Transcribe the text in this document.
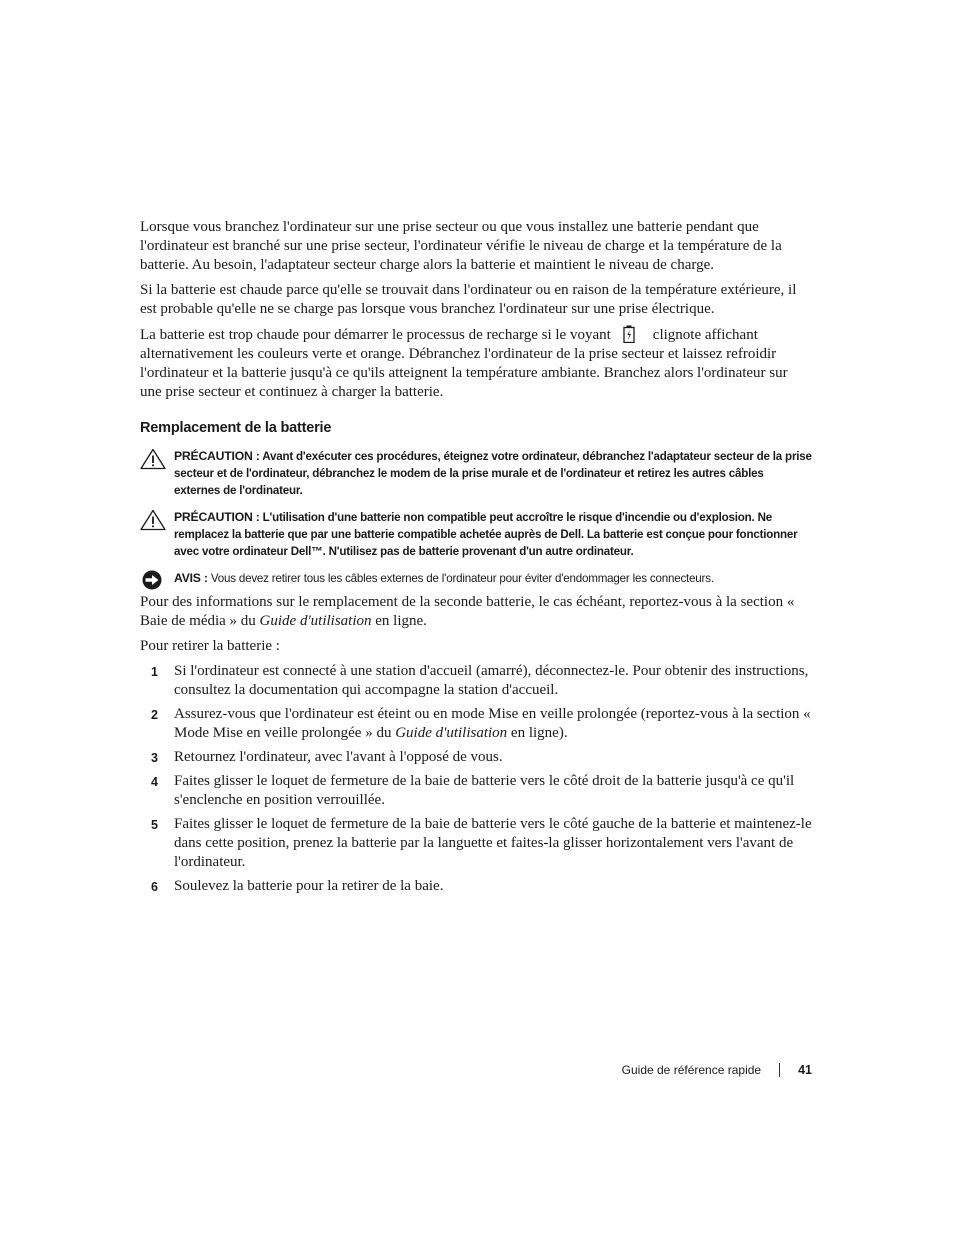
Lorsque vous branchez l'ordinateur sur une prise secteur ou que vous installez une batterie pendant que l'ordinateur est branché sur une prise secteur, l'ordinateur vérifie le niveau de charge et la température de la batterie. Au besoin, l'adaptateur secteur charge alors la batterie et maintient le niveau de charge.

Si la batterie est chaude parce qu'elle se trouvait dans l'ordinateur ou en raison de la température extérieure, il est probable qu'elle ne se charge pas lorsque vous branchez l'ordinateur sur une prise électrique.

La batterie est trop chaude pour démarrer le processus de recharge si le voyant	clignote affichant alternativement les couleurs verte et orange. Débranchez l'ordinateur de la prise secteur et laissez refroidir l'ordinateur et la batterie jusqu'à ce qu'ils atteignent la température ambiante. Branchez alors l'ordinateur sur une prise secteur et continuez à charger la batterie.

Remplacement de la batterie
PRÉCAUTION : Avant d'exécuter ces procédures, éteignez votre ordinateur, débranchez l'adaptateur secteur de la prise secteur et de l'ordinateur, débranchez le modem de la prise murale et de l'ordinateur et retirez les autres câbles externes de l'ordinateur.
PRÉCAUTION : L'utilisation d'une batterie non compatible peut accroître le risque d'incendie ou d'explosion. Ne remplacez la batterie que par une batterie compatible achetée auprès de Dell. La batterie est conçue pour fonctionner avec votre ordinateur Dell™. N'utilisez pas de batterie provenant d'un autre ordinateur.
AVIS : Vous devez retirer tous les câbles externes de l'ordinateur pour éviter d'endommager les connecteurs.

Pour des informations sur le remplacement de la seconde batterie, le cas échéant, reportez-vous à la section « Baie de média » du Guide d'utilisation en ligne.

Pour retirer la batterie :

1 Si l'ordinateur est connecté à une station d'accueil (amarré), déconnectez-le. Pour obtenir des instructions, consultez la documentation qui accompagne la station d'accueil.
2 Assurez-vous que l'ordinateur est éteint ou en mode Mise en veille prolongée (reportez-vous à la section « Mode Mise en veille prolongée » du Guide d'utilisation en ligne).
3 Retournez l'ordinateur, avec l'avant à l'opposé de vous.
4 Faites glisser le loquet de fermeture de la baie de batterie vers le côté droit de la batterie jusqu'à ce qu'il s'enclenche en position verrouillée.
5 Faites glisser le loquet de fermeture de la baie de batterie vers le côté gauche de la batterie et maintenez-le dans cette position, prenez la batterie par la languette et faites-la glisser horizontalement vers l'avant de l'ordinateur.
6 Soulevez la batterie pour la retirer de la baie.
Guide de référence rapide	41
